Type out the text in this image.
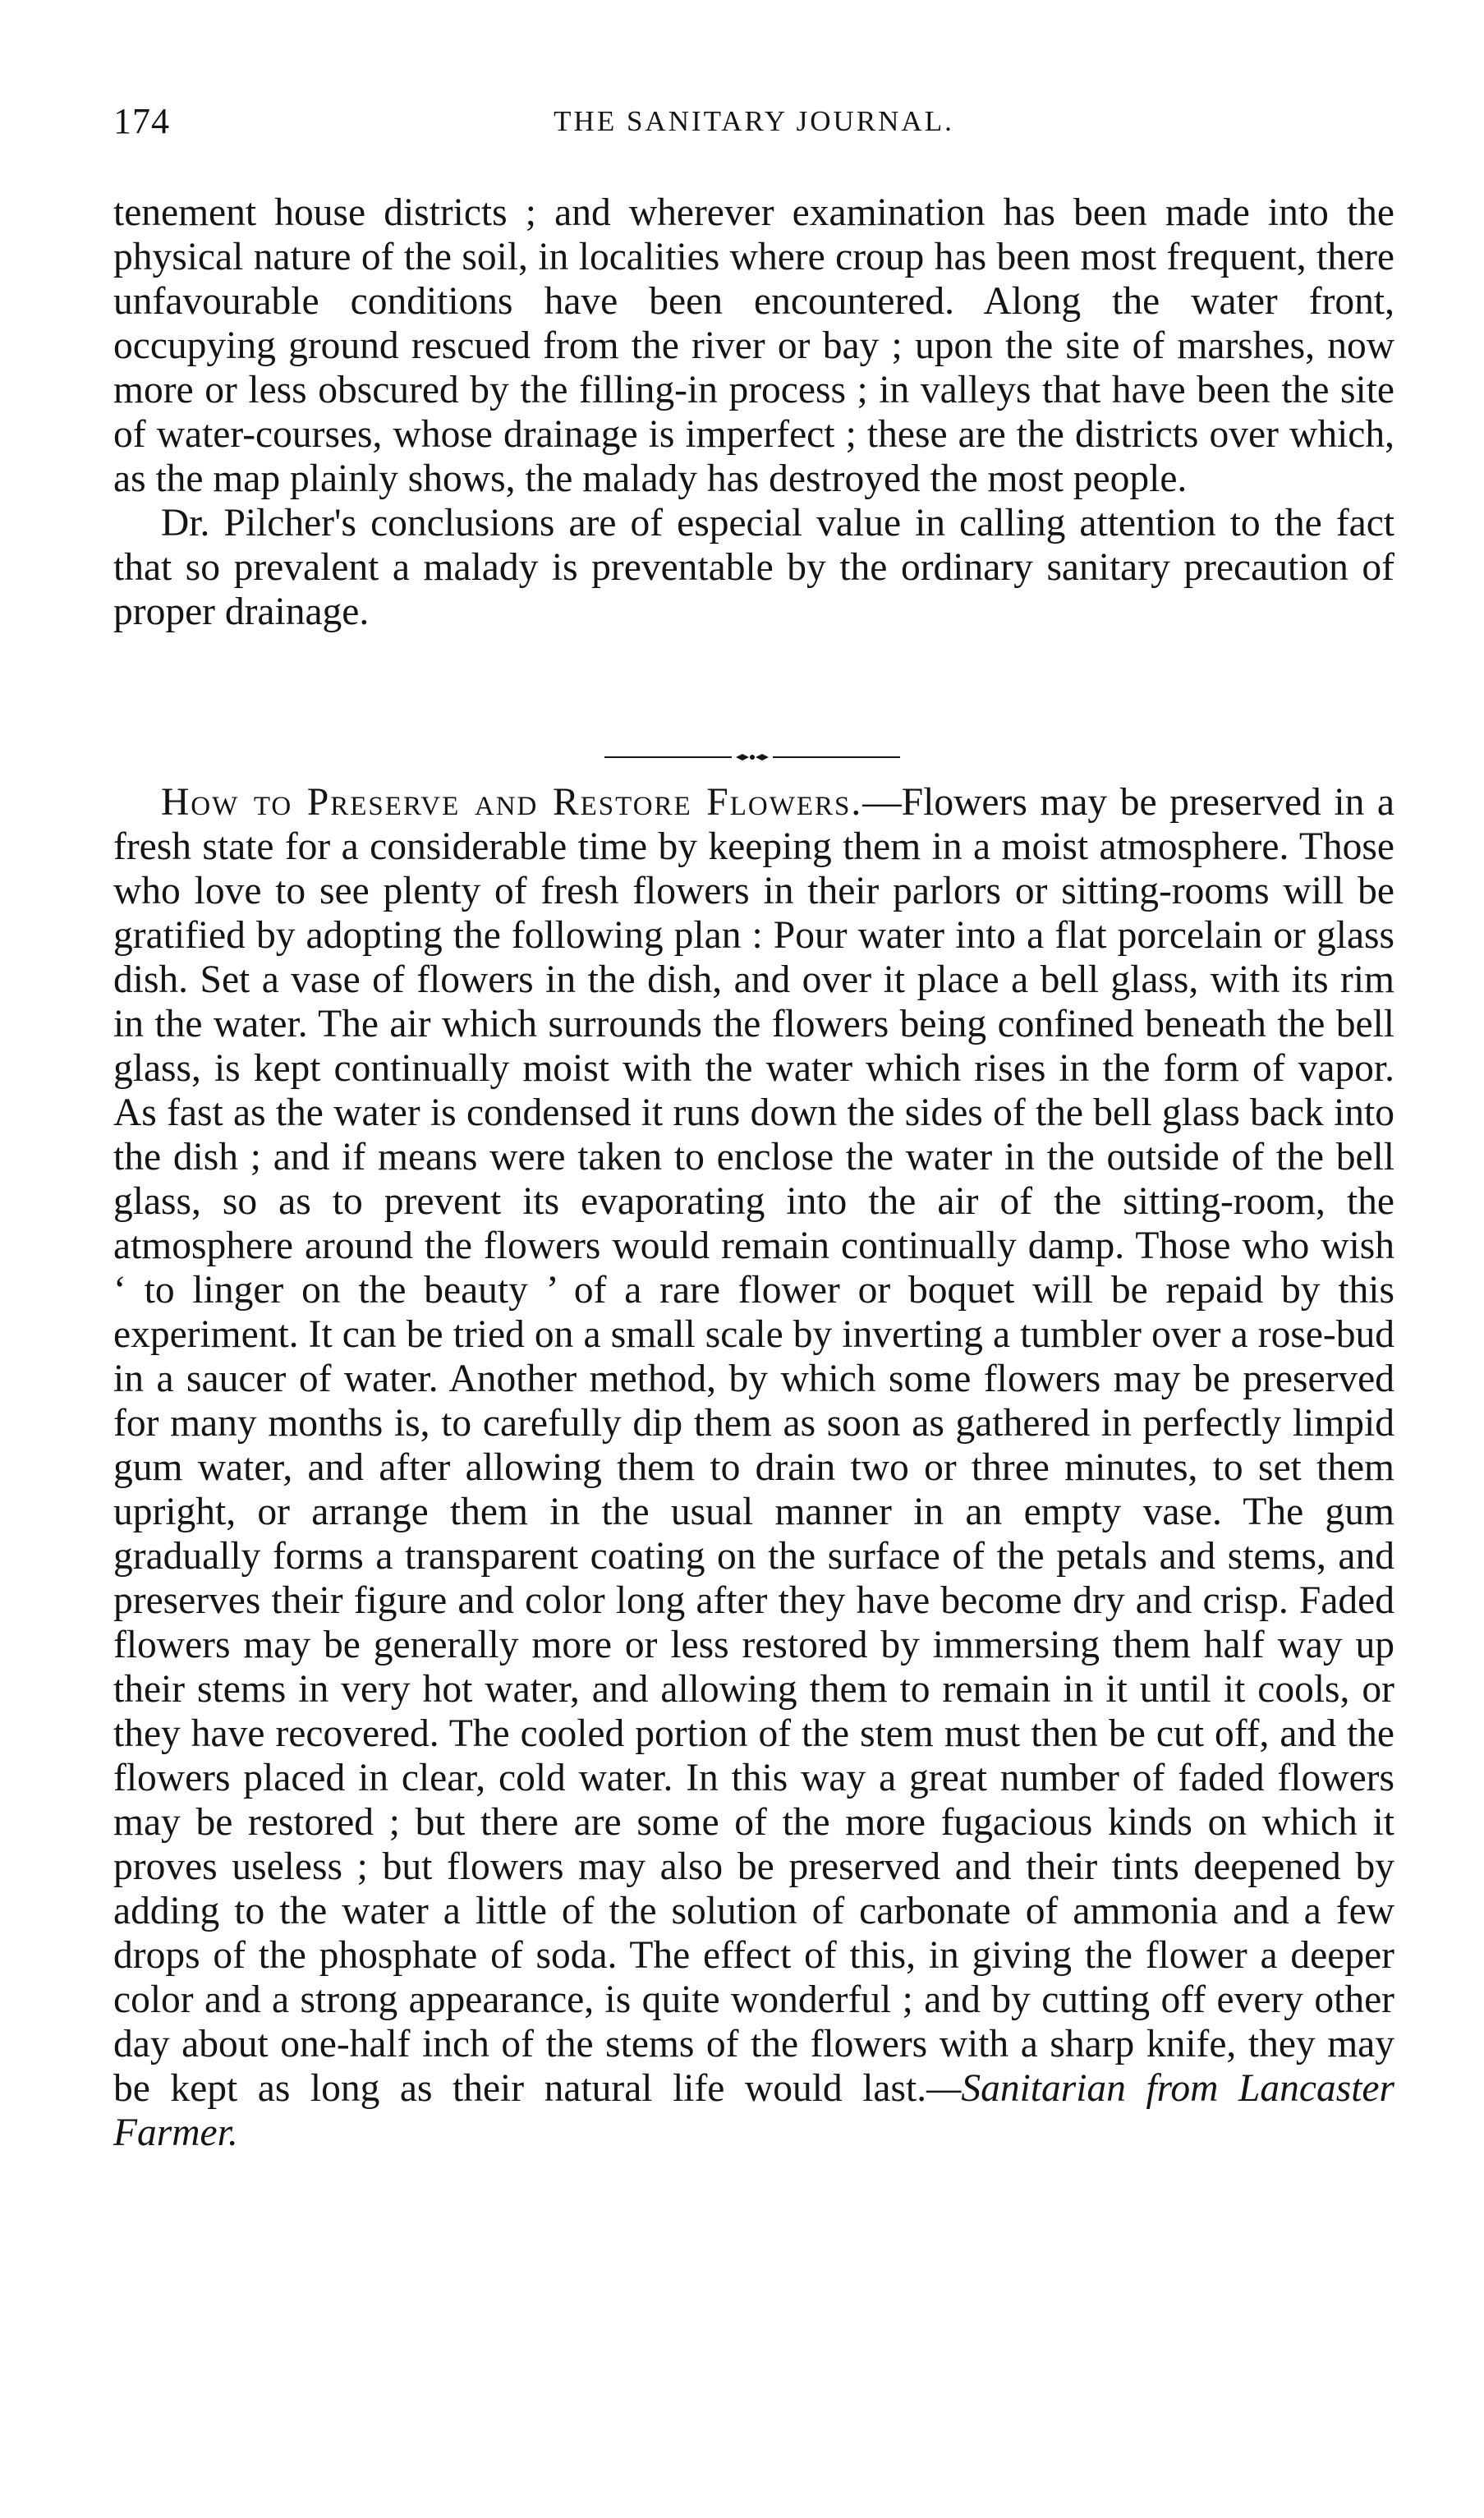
174	THE SANITARY JOURNAL.

tenement house districts ; and wherever examination has been made into the physical nature of the soil, in localities where croup has been most frequent, there unfavourable conditions have been encountered. Along the water front, occupying ground rescued from the river or bay ; upon the site of marshes, now more or less obscured by the filling-in process ; in valleys that have been the site of water-courses, whose drainage is imperfect ; these are the districts over which, as the map plainly shows, the malady has destroyed the most people.

Dr. Pilcher's conclusions are of especial value in calling attention to the fact that so prevalent a malady is preventable by the ordinary sanitary precaution of proper drainage.

How to Preserve and Restore Flowers.—Flowers may be preserved in a fresh state for a considerable time by keeping them in a moist atmosphere. Those who love to see plenty of fresh flowers in their parlors or sitting-rooms will be gratified by adopting the following plan : Pour water into a flat porcelain or glass dish. Set a vase of flowers in the dish, and over it place a bell glass, with its rim in the water. The air which surrounds the flowers being confined beneath the bell glass, is kept continually moist with the water which rises in the form of vapor. As fast as the water is condensed it runs down the sides of the bell glass back into the dish ; and if means were taken to enclose the water in the outside of the bell glass, so as to prevent its evaporating into the air of the sitting-room, the atmosphere around the flowers would remain continually damp. Those who wish ‘ to linger on the beauty ’ of a rare flower or boquet will be repaid by this experiment. It can be tried on a small scale by inverting a tumbler over a rose-bud in a saucer of water. Another method, by which some flowers may be preserved for many months is, to carefully dip them as soon as gathered in perfectly limpid gum water, and after allowing them to drain two or three minutes, to set them upright, or arrange them in the usual manner in an empty vase. The gum gradually forms a transparent coating on the surface of the petals and stems, and preserves their figure and color long after they have become dry and crisp. Faded flowers may be generally more or less restored by immersing them half way up their stems in very hot water, and allowing them to remain in it until it cools, or they have recovered. The cooled portion of the stem must then be cut off, and the flowers placed in clear, cold water. In this way a great number of faded flowers may be restored ; but there are some of the more fugacious kinds on which it proves useless ; but flowers may also be preserved and their tints deepened by adding to the water a little of the solution of carbonate of ammonia and a few drops of the phosphate of soda. The effect of this, in giving the flower a deeper color and a strong appearance, is quite wonderful ; and by cutting off every other day about one-half inch of the stems of the flowers with a sharp knife, they may be kept as long as their natural life would last.—Sanitarian from Lancaster Farmer.
